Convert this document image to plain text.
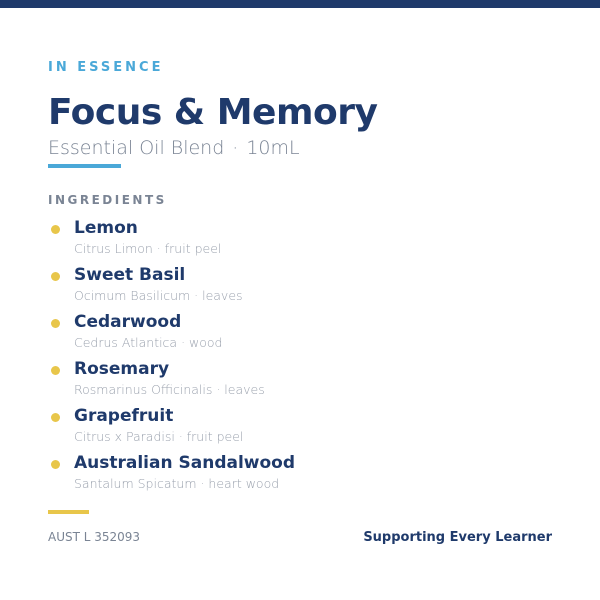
IN ESSENCE
Focus & Memory
Essential Oil Blend · 10mL
INGREDIENTS
Lemon
Citrus Limon · fruit peel
Sweet Basil
Ocimum Basilicum · leaves
Cedarwood
Cedrus Atlantica · wood
Rosemary
Rosmarinus Officinalis · leaves
Grapefruit
Citrus x Paradisi · fruit peel
Australian Sandalwood
Santalum Spicatum · heart wood
AUST L 352093	Supporting Every Learner
